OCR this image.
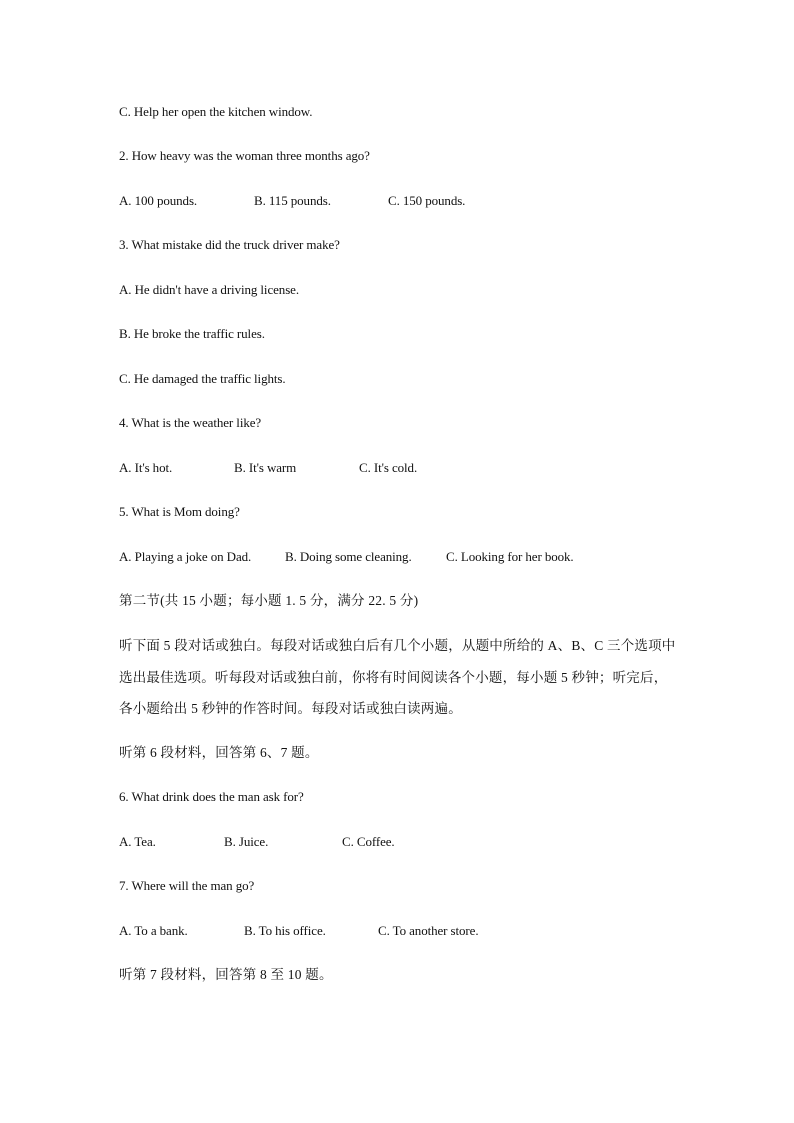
C. Help her open the kitchen window.
2. How heavy was the woman three months ago?
A. 100 pounds.	B. 115 pounds.	C. 150 pounds.
3. What mistake did the truck driver make?
A. He didn't have a driving license.
B. He broke the traffic rules.
C. He damaged the traffic lights.
4. What is the weather like?
A. It's hot.	B. It's warm	C. It's cold.
5. What is Mom doing?
A. Playing a joke on Dad.	B. Doing some cleaning.	C. Looking for her book.
第二节(共 15 小题；每小题 1. 5 分，满分 22. 5 分)
听下面 5 段对话或独白。每段对话或独白后有几个小题，从题中所给的 A、B、C 三个选项中选出最佳选项。听每段对话或独白前，你将有时间阅读各个小题，每小题 5 秒钟；听完后，各小题给出 5 秒钟的作答时间。每段对话或独白读两遍。
听第 6 段材料，回答第 6、7 题。
6. What drink does the man ask for?
A. Tea.	B. Juice.	C. Coffee.
7. Where will the man go?
A. To a bank.	B. To his office.	C. To another store.
听第 7 段材料，回答第 8 至 10 题。
